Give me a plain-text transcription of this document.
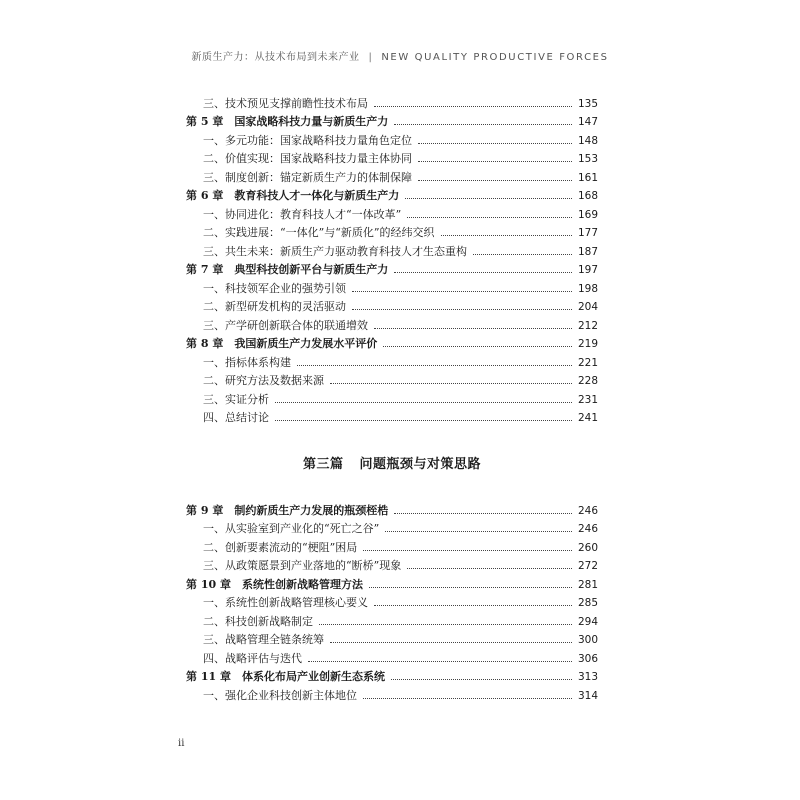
新质生产力：从技术布局到未来产业 | NEW QUALITY PRODUCTIVE FORCES
三、技术预见支撑前瞻性技术布局	135
第 5 章　国家战略科技力量与新质生产力	147
一、多元功能：国家战略科技力量角色定位	148
二、价值实现：国家战略科技力量主体协同	153
三、制度创新：锚定新质生产力的体制保障	161
第 6 章　教育科技人才一体化与新质生产力	168
一、协同进化：教育科技人才“一体改革”	169
二、实践进展：“一体化”与“新质化”的经纬交织	177
三、共生未来：新质生产力驱动教育科技人才生态重构	187
第 7 章　典型科技创新平台与新质生产力	197
一、科技领军企业的强势引领	198
二、新型研发机构的灵活驱动	204
三、产学研创新联合体的联通增效	212
第 8 章　我国新质生产力发展水平评价	219
一、指标体系构建	221
二、研究方法及数据来源	228
三、实证分析	231
四、总结讨论	241
第三篇 问题瓶颈与对策思路
第 9 章　制约新质生产力发展的瓶颈桎梏	246
一、从实验室到产业化的“死亡之谷”	246
二、创新要素流动的“梗阻”困局	260
三、从政策愿景到产业落地的“断桥”现象	272
第 10 章　系统性创新战略管理方法	281
一、系统性创新战略管理核心要义	285
二、科技创新战略制定	294
三、战略管理全链条统筹	300
四、战略评估与迭代	306
第 11 章　体系化布局产业创新生态系统	313
一、强化企业科技创新主体地位	314
ii
